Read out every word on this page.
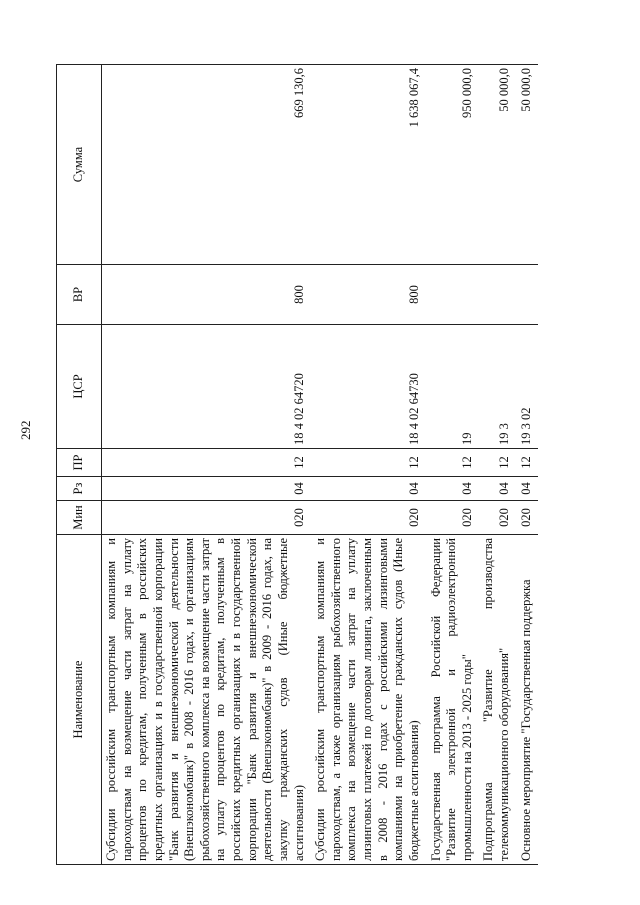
292
Наименование	Мин	Рз	ПР	ЦСР	ВР	Сумма
Субсидии российским транспортным компаниям и пароходствам на возмещение части затрат на уплату процентов по кредитам, полученным в российских кредитных организациях и в государственной корпорации "Банк развития и внешнеэкономической деятельности (Внешэкономбанк)" в 2008 - 2016 годах, и организациям рыбохозяйственного комплекса на возмещение части затрат на уплату процентов по кредитам, полученным в российских кредитных организациях и в государственной корпорации "Банк развития и внешнеэкономической деятельности (Внешэкономбанк)" в 2009 - 2016 годах, на закупку гражданских судов (Иные бюджетные ассигнования)	020	04	12	18 4 02 64720	800	669 130,6
Субсидии российским транспортным компаниям и пароходствам, а также организациям рыбохозяйственного комплекса на возмещение части затрат на уплату лизинговых платежей по договорам лизинга, заключенным в 2008 - 2016 годах с российскими лизинговыми компаниями на приобретение гражданских судов (Иные бюджетные ассигнования)	020	04	12	18 4 02 64730	800	1 638 067,4
Государственная программа Российской Федерации "Развитие электронной и радиоэлектронной промышленности на 2013 - 2025 годы"	020	04	12	19		950 000,0
Подпрограмма "Развитие производства телекоммуникационного оборудования"	020	04	12	19 3		50 000,0
Основное мероприятие "Государственная поддержка	020	04	12	19 3 02		50 000,0
